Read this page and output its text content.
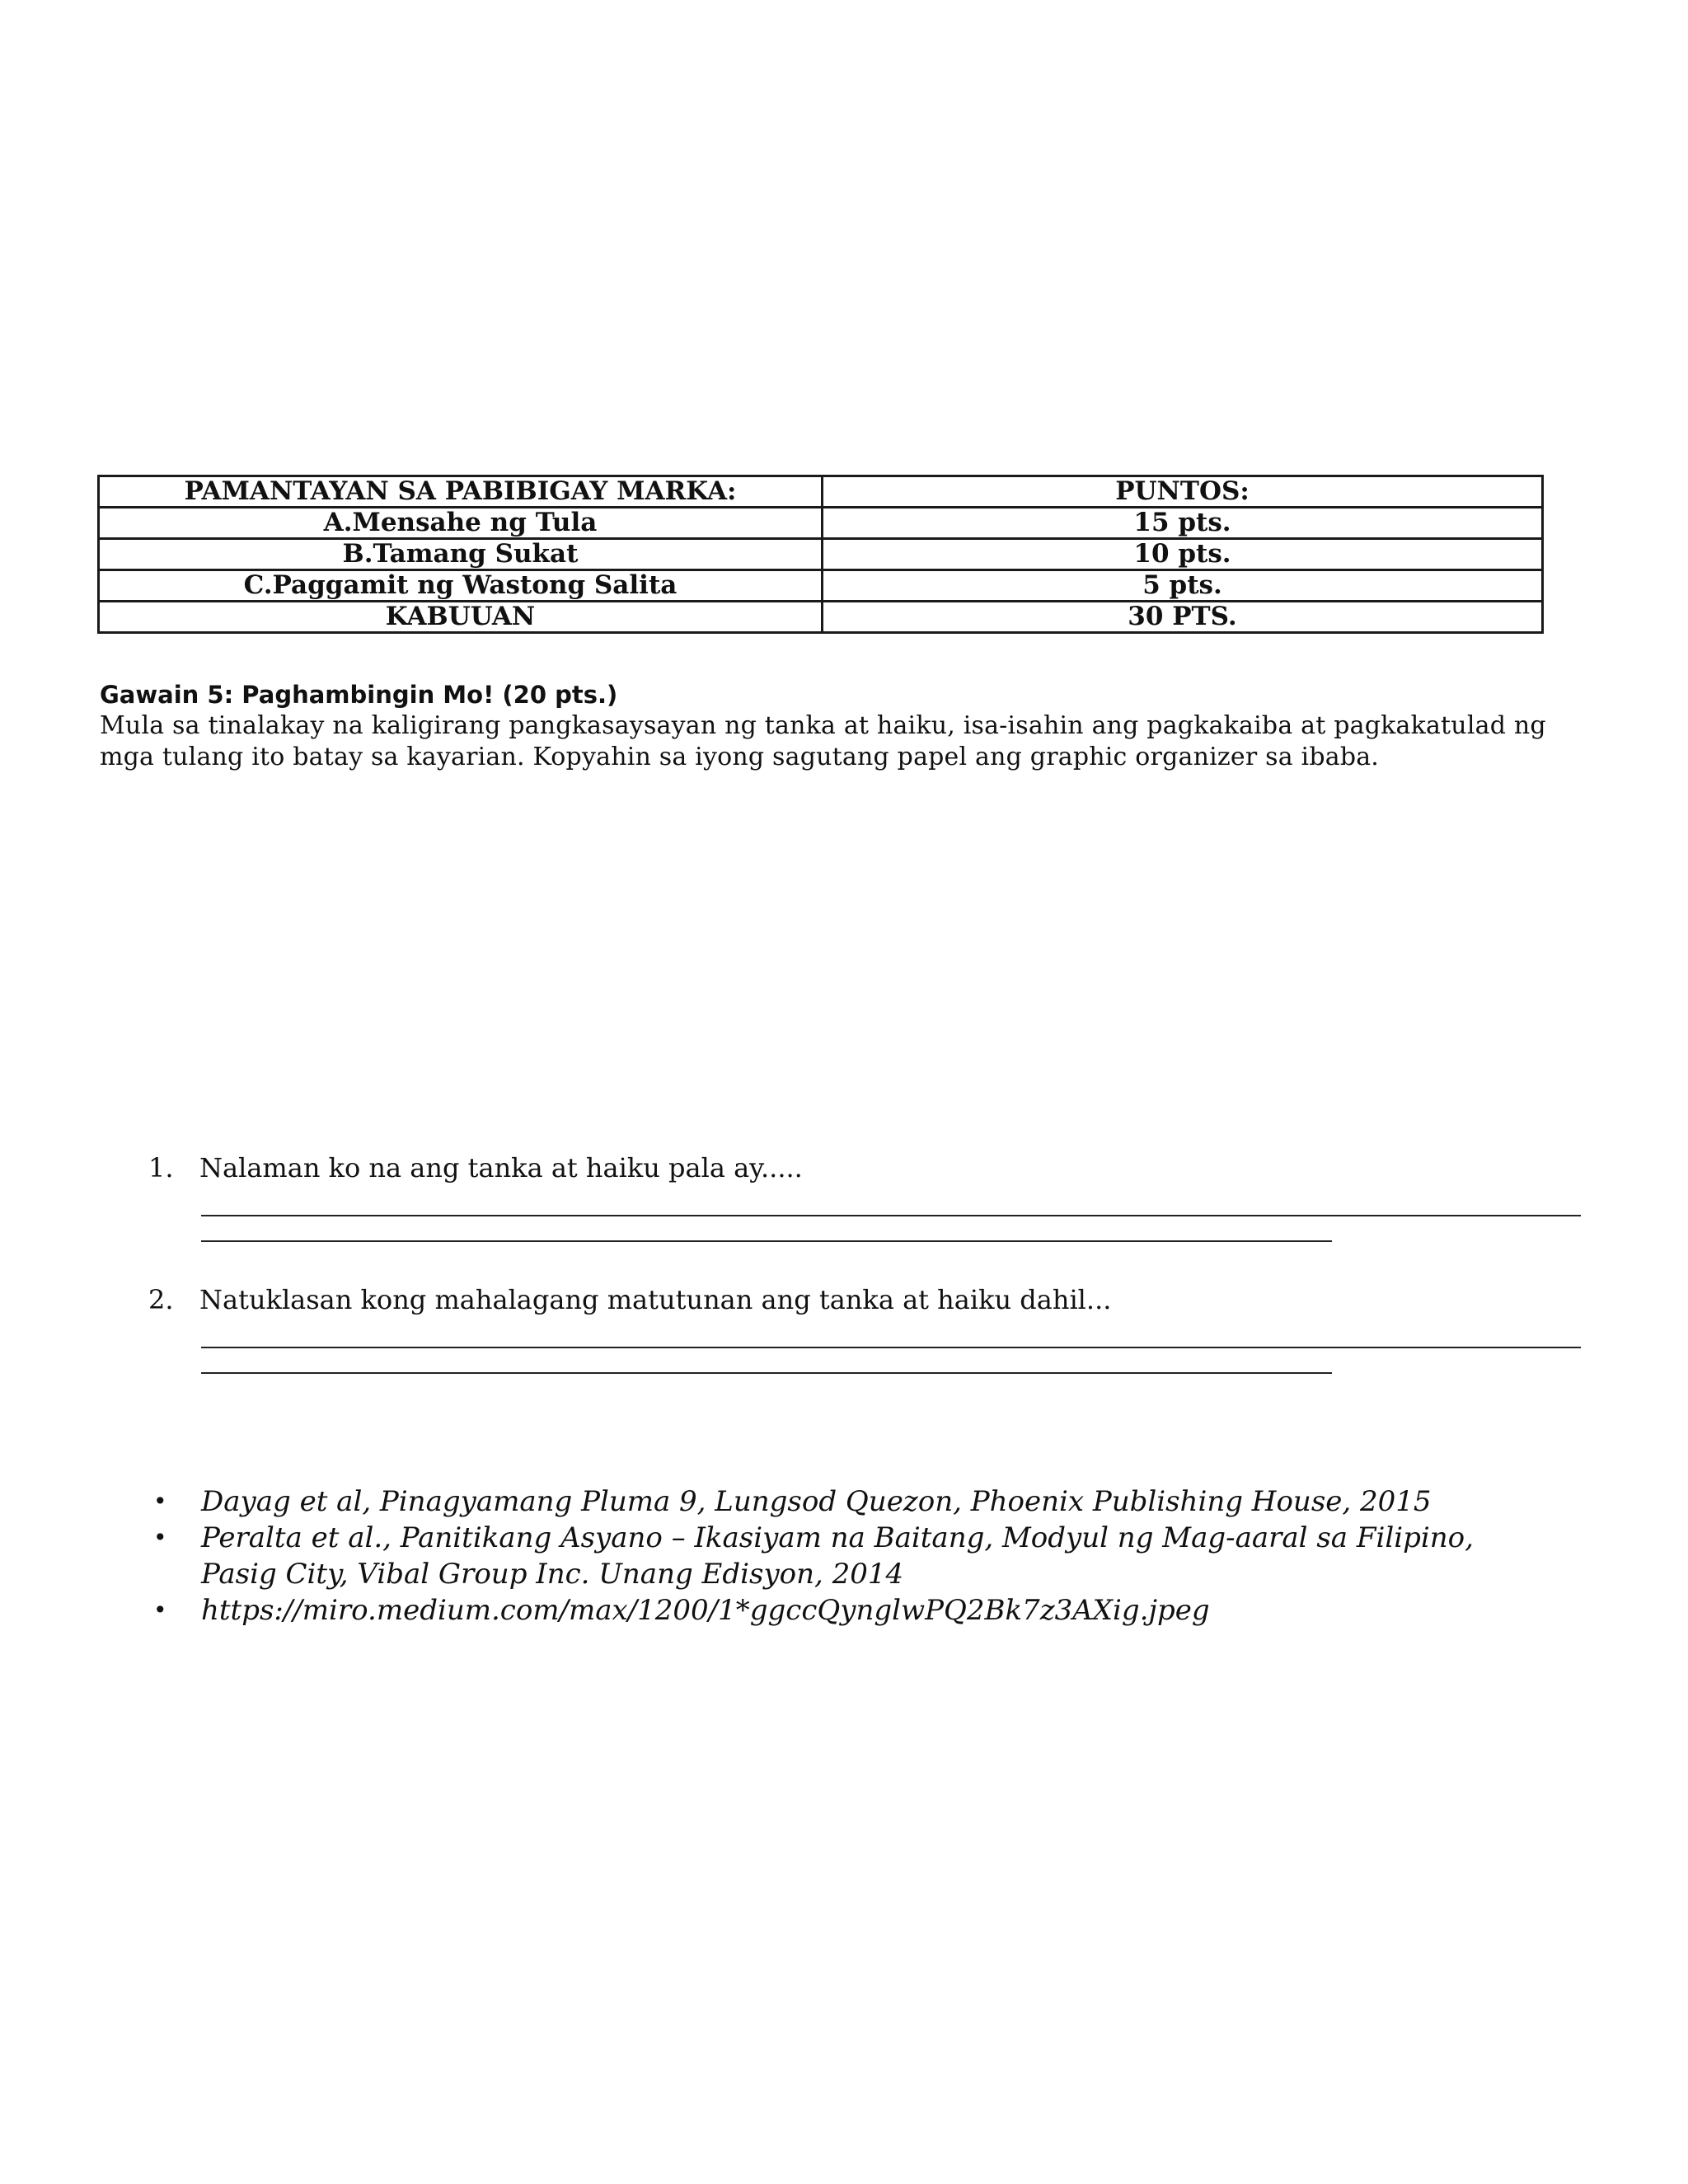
PAMANTAYAN SA PABIBIGAY MARKA:	PUNTOS:
A.Mensahe ng Tula	15 pts.
B.Tamang Sukat	10 pts.
C.Paggamit ng Wastong Salita	5 pts.
KABUUAN	30 PTS.

Gawain 5: Paghambingin Mo! (20 pts.)

Mula sa tinalakay na kaligirang pangkasaysayan ng tanka at haiku, isa-isahin ang pagkakaiba at pagkakatulad ng mga tulang ito batay sa kayarian. Kopyahin sa iyong sagutang papel ang graphic organizer sa ibaba.

1. Nalaman ko na ang tanka at haiku pala ay.....
2. Natuklasan kong mahalagang matutunan ang tanka at haiku dahil...
• Dayag et al, Pinagyamang Pluma 9, Lungsod Quezon, Phoenix Publishing House, 2015
• Peralta et al., Panitikang Asyano – Ikasiyam na Baitang, Modyul ng Mag-aaral sa Filipino, Pasig City, Vibal Group Inc. Unang Edisyon, 2014
• https://miro.medium.com/max/1200/1*ggccQynglwPQ2Bk7z3AXig.jpeg
